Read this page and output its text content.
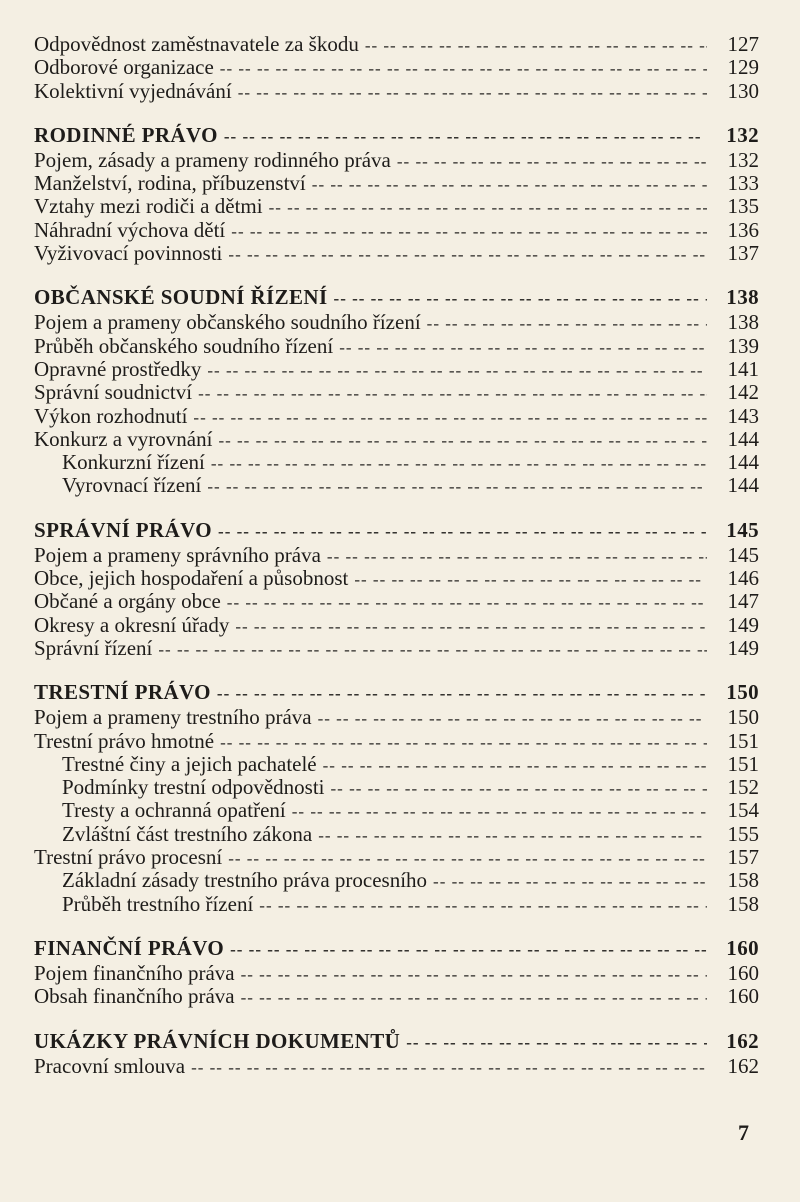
Odpovědnost zaměstnavatele za škodu -- --	127
Odborové organizace -- --	129
Kolektivní vyjednávání -- --	130
RODINNÉ PRÁVO -- --	132
Pojem, zásady a prameny rodinného práva -- --	132
Manželství, rodina, příbuzenství -- --	133
Vztahy mezi rodiči a dětmi -- --	135
Náhradní výchova dětí -- --	136
Vyživovací povinnosti -- --	137
OBČANSKÉ SOUDNÍ ŘÍZENÍ -- --	138
Pojem a prameny občanského soudního řízení -- --	138
Průběh občanského soudního řízení -- --	139
Opravné prostředky -- --	141
Správní soudnictví -- --	142
Výkon rozhodnutí -- --	143
Konkurz a vyrovnání -- --	144
Konkurzní řízení -- --	144
Vyrovnací řízení -- --	144
SPRÁVNÍ PRÁVO -- --	145
Pojem a prameny správního práva -- --	145
Obce, jejich hospodaření a působnost -- --	146
Občané a orgány obce -- --	147
Okresy a okresní úřady -- --	149
Správní řízení -- --	149
TRESTNÍ PRÁVO -- --	150
Pojem a prameny trestního práva -- --	150
Trestní právo hmotné -- --	151
Trestné činy a jejich pachatelé -- --	151
Podmínky trestní odpovědnosti -- --	152
Tresty a ochranná opatření -- --	154
Zvláštní část trestního zákona -- --	155
Trestní právo procesní -- --	157
Základní zásady trestního práva procesního -- --	158
Průběh trestního řízení -- --	158
FINANČNÍ PRÁVO -- --	160
Pojem finančního práva -- --	160
Obsah finančního práva -- --	160
UKÁZKY PRÁVNÍCH DOKUMENTŮ -- --	162
Pracovní smlouva -- --	162
7
